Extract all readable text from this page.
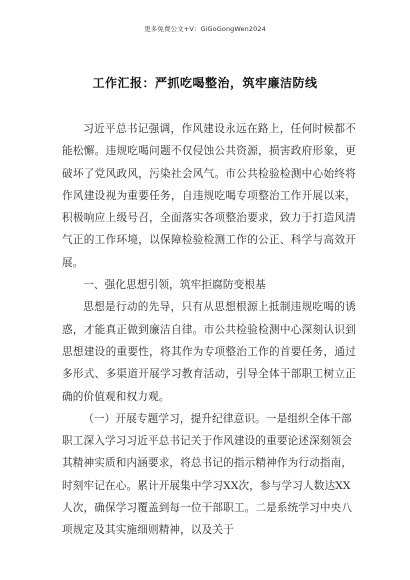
更多免费公文+V：GiGoGongWen2024
工作汇报：严抓吃喝整治，筑牢廉洁防线

习近平总书记强调，作风建设永远在路上，任何时候都不能松懈。违规吃喝问题不仅侵蚀公共资源，损害政府形象，更破坏了党风政风，污染社会风气。市公共检验检测中心始终将作风建设视为重要任务，自违规吃喝专项整治工作开展以来，积极响应上级号召，全面落实各项整治要求，致力于打造风清气正的工作环境，以保障检验检测工作的公正、科学与高效开展。

一、强化思想引领，筑牢拒腐防变根基

思想是行动的先导，只有从思想根源上抵制违规吃喝的诱惑，才能真正做到廉洁自律。市公共检验检测中心深刻认识到思想建设的重要性，将其作为专项整治工作的首要任务，通过多形式、多渠道开展学习教育活动，引导全体干部职工树立正确的价值观和权力观。

（一）开展专题学习，提升纪律意识。一是组织全体干部职工深入学习习近平总书记关于作风建设的重要论述深刻领会其精神实质和内涵要求，将总书记的指示精神作为行动指南，时刻牢记在心。累计开展集中学习XX次，参与学习人数达XX人次，确保学习覆盖到每一位干部职工。二是系统学习中央八项规定及其实施细则精神，以及关于
